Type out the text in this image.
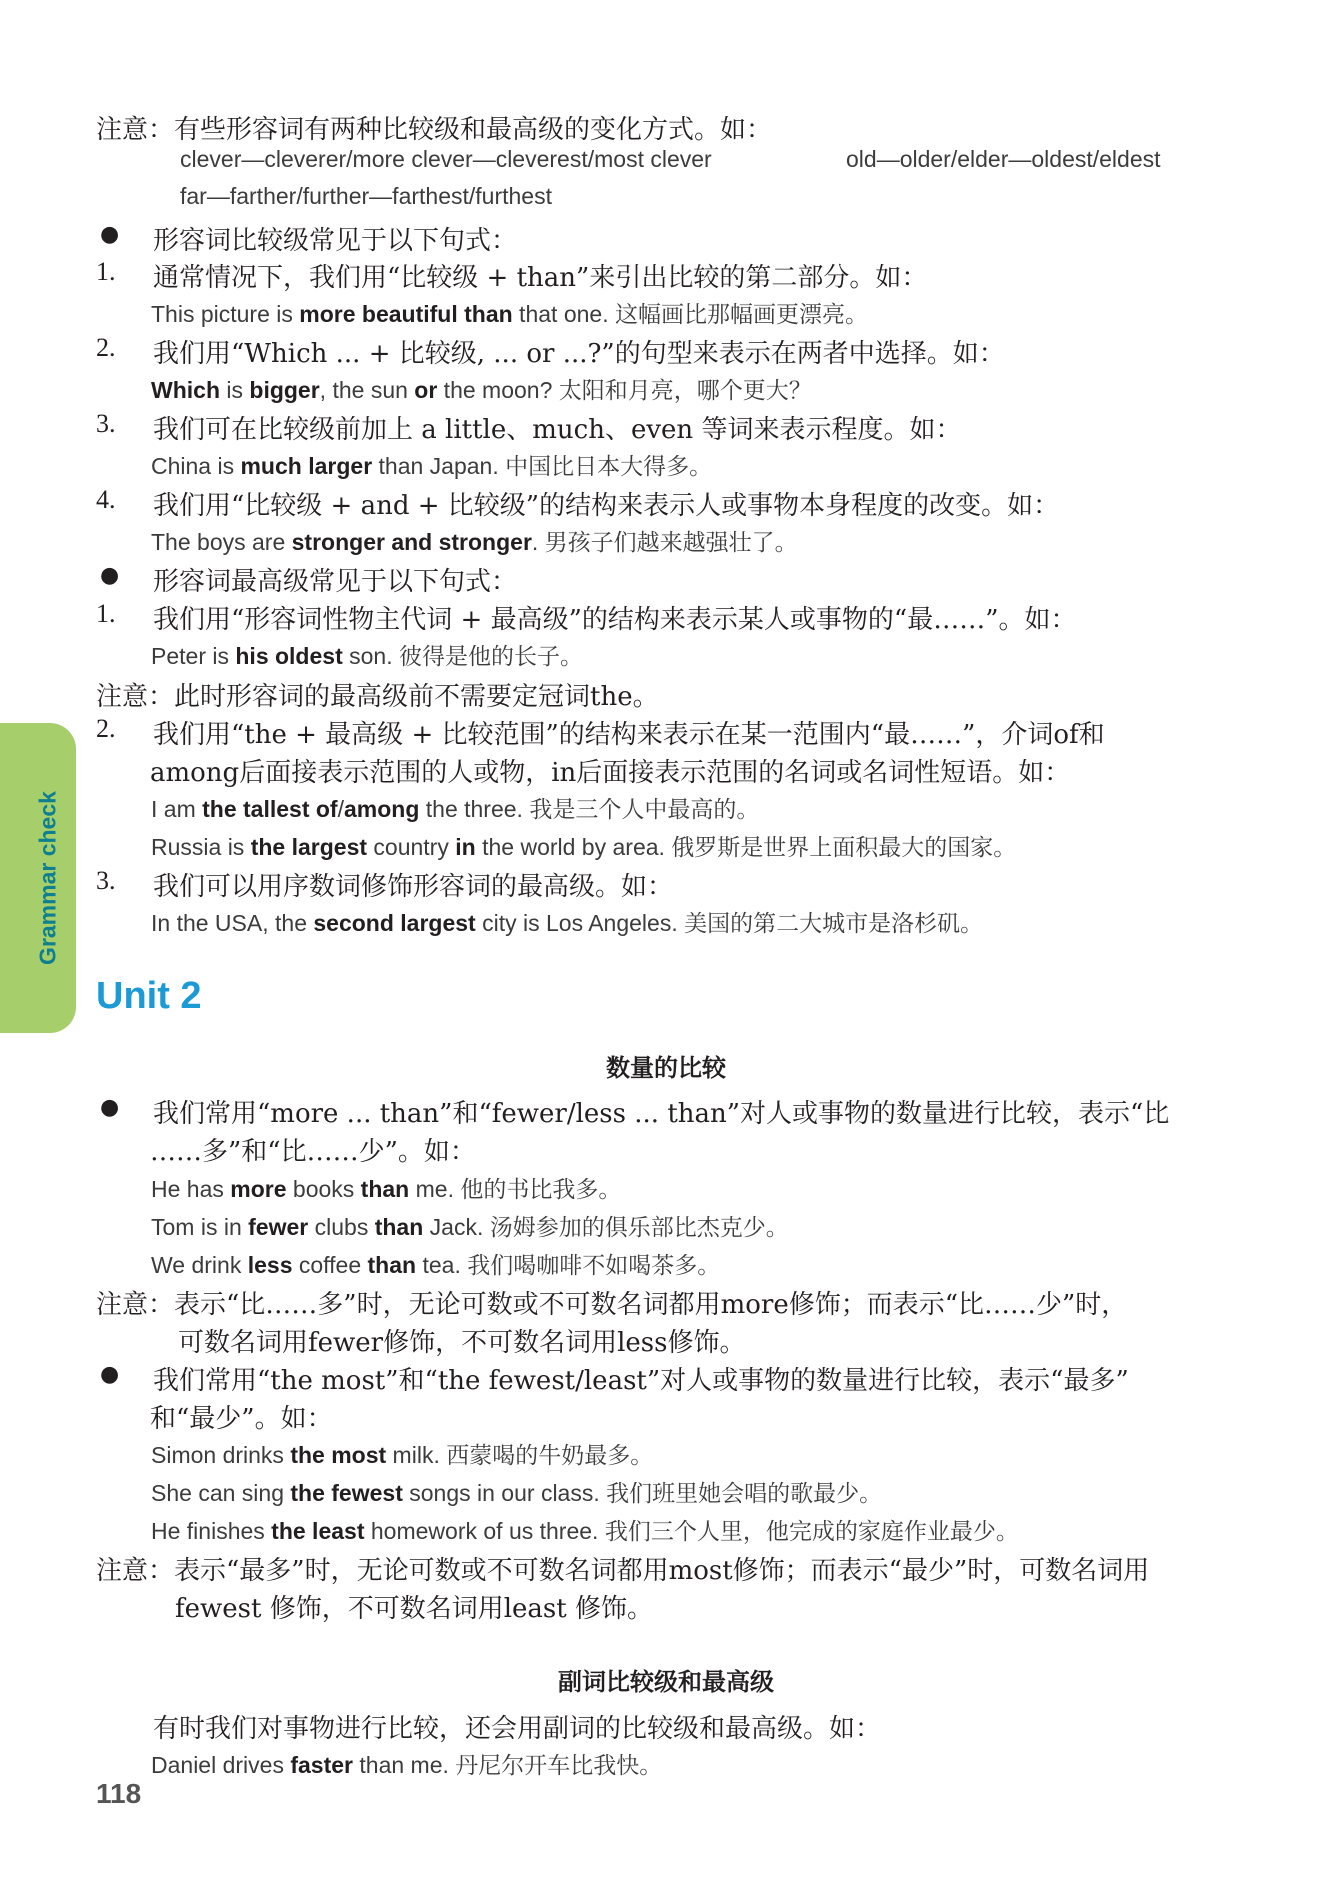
Grammar check
注意：有些形容词有两种比较级和最高级的变化方式。如：
clever—cleverer/more clever—cleverest/most clever	old—older/elder—oldest/eldest
far—farther/further—farthest/furthest
● 形容词比较级常见于以下句式：
1. 通常情况下，我们用“比较级 + than”来引出比较的第二部分。如：
This picture is more beautiful than that one. 这幅画比那幅画更漂亮。
2. 我们用“Which ... + 比较级, ... or ...?”的句型来表示在两者中选择。如：
Which is bigger, the sun or the moon? 太阳和月亮，哪个更大？
3. 我们可在比较级前加上 a little、much、even 等词来表示程度。如：
China is much larger than Japan. 中国比日本大得多。
4. 我们用“比较级 + and + 比较级”的结构来表示人或事物本身程度的改变。如：
The boys are stronger and stronger. 男孩子们越来越强壮了。
● 形容词最高级常见于以下句式：
1. 我们用“形容词性物主代词 + 最高级”的结构来表示某人或事物的“最……”。如：
Peter is his oldest son. 彼得是他的长子。
注意：此时形容词的最高级前不需要定冠词the。
2. 我们用“the + 最高级 + 比较范围”的结构来表示在某一范围内“最……”，介词of和
among后面接表示范围的人或物，in后面接表示范围的名词或名词性短语。如：
I am the tallest of/among the three. 我是三个人中最高的。
Russia is the largest country in the world by area. 俄罗斯是世界上面积最大的国家。
3. 我们可以用序数词修饰形容词的最高级。如：
In the USA, the second largest city is Los Angeles. 美国的第二大城市是洛杉矶。
Unit 2
数量的比较
● 我们常用“more ... than”和“fewer/less ... than”对人或事物的数量进行比较，表示“比
……多”和“比……少”。如：
He has more books than me. 他的书比我多。
Tom is in fewer clubs than Jack. 汤姆参加的俱乐部比杰克少。
We drink less coffee than tea. 我们喝咖啡不如喝茶多。
注意：表示“比……多”时，无论可数或不可数名词都用more修饰；而表示“比……少”时，
可数名词用fewer修饰，不可数名词用less修饰。
● 我们常用“the most”和“the fewest/least”对人或事物的数量进行比较，表示“最多”
和“最少”。如：
Simon drinks the most milk. 西蒙喝的牛奶最多。
She can sing the fewest songs in our class. 我们班里她会唱的歌最少。
He finishes the least homework of us three. 我们三个人里，他完成的家庭作业最少。
注意：表示“最多”时，无论可数或不可数名词都用most修饰；而表示“最少”时，可数名词用
fewest 修饰，不可数名词用least 修饰。
副词比较级和最高级
有时我们对事物进行比较，还会用副词的比较级和最高级。如：
Daniel drives faster than me. 丹尼尔开车比我快。
118
